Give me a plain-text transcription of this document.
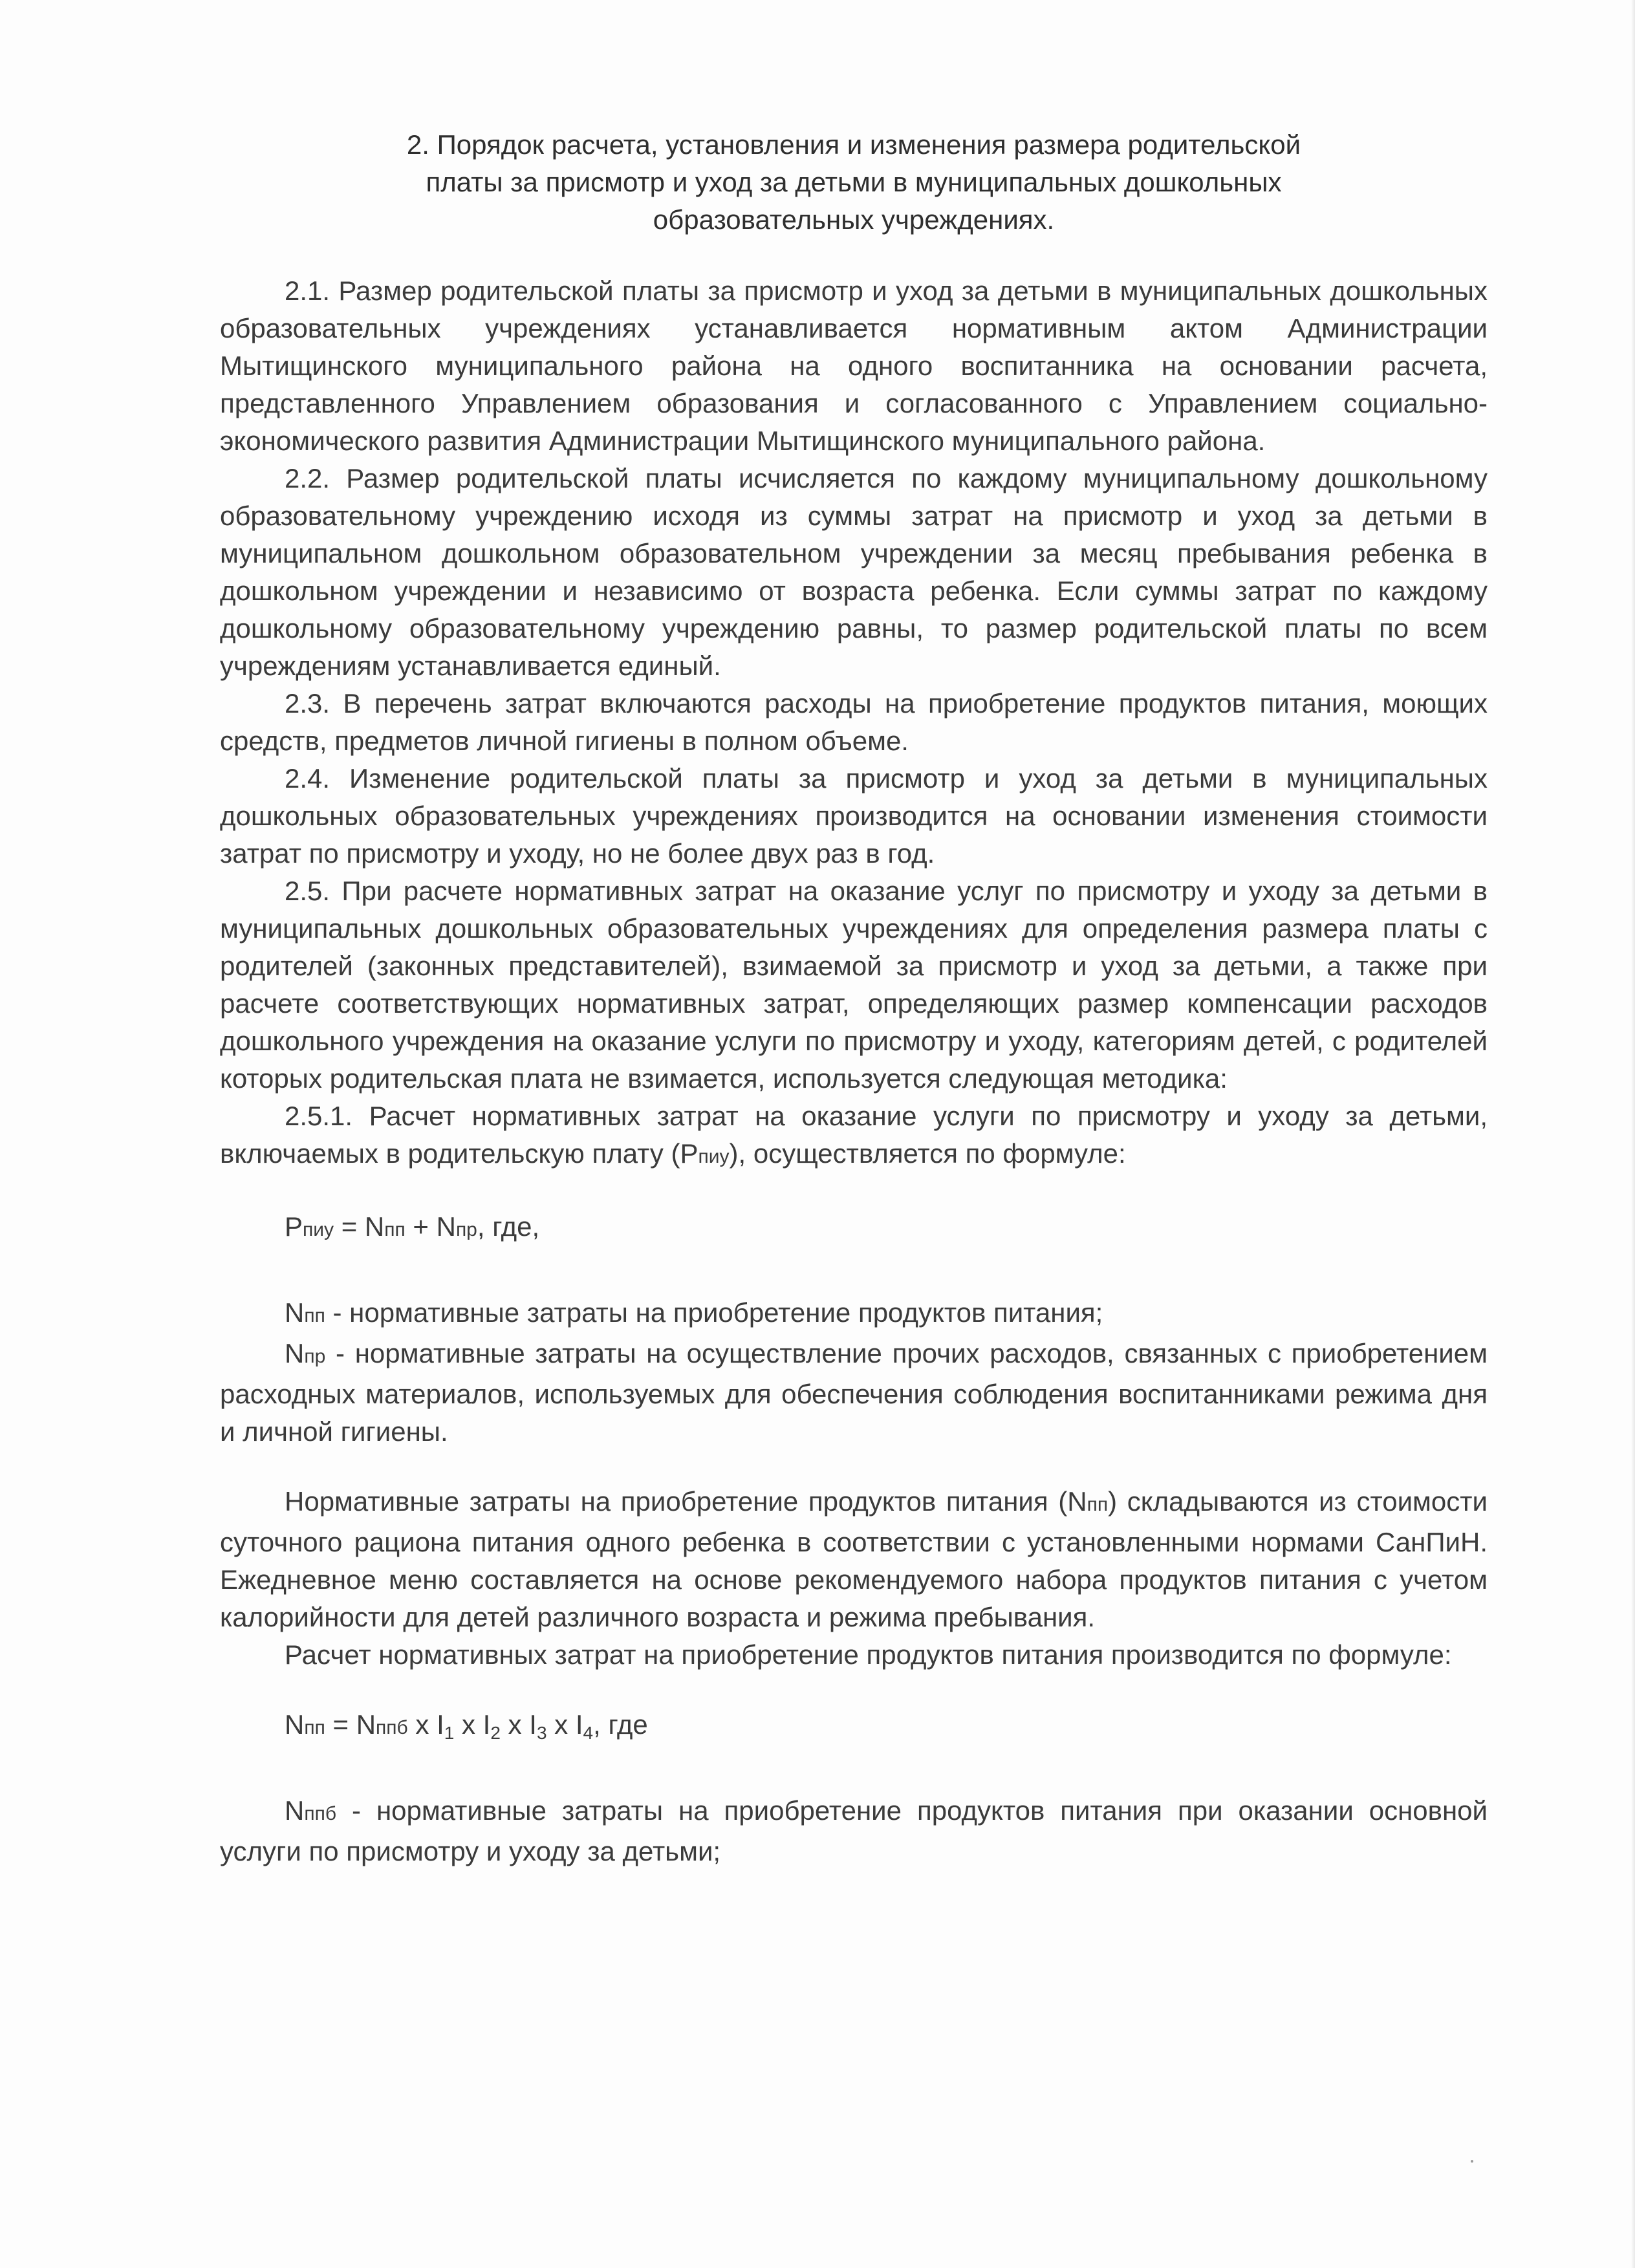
2. Порядок расчета, установления и изменения размера родительской
платы за присмотр и уход за детьми в муниципальных дошкольных
образовательных учреждениях.

2.1. Размер родительской платы за присмотр и уход за детьми в муниципальных дошкольных образовательных учреждениях устанавливается нормативным актом Администрации Мытищинского муниципального района на одного воспитанника на основании расчета, представленного Управлением образования и согласованного с Управлением социально-экономического развития Администрации Мытищинского муниципального района.

2.2. Размер родительской платы исчисляется по каждому муниципальному дошкольному образовательному учреждению исходя из суммы затрат на присмотр и уход за детьми в муниципальном дошкольном образовательном учреждении за месяц пребывания ребенка в дошкольном учреждении и независимо от возраста ребенка. Если суммы затрат по каждому дошкольному образовательному учреждению равны, то размер родительской платы по всем учреждениям устанавливается единый.

2.3. В перечень затрат включаются расходы на приобретение продуктов питания, моющих средств, предметов личной гигиены в полном объеме.

2.4. Изменение родительской платы за присмотр и уход за детьми в муниципальных дошкольных образовательных учреждениях производится на основании изменения стоимости затрат по присмотру и уходу, но не более двух раз в год.

2.5. При расчете нормативных затрат на оказание услуг по присмотру и уходу за детьми в муниципальных дошкольных образовательных учреждениях для определения размера платы с родителей (законных представителей), взимаемой за присмотр и уход за детьми, а также при расчете соответствующих нормативных затрат, определяющих размер компенсации расходов дошкольного учреждения на оказание услуги по присмотру и уходу, категориям детей, с родителей которых родительская плата не взимается, используется следующая методика:

2.5.1. Расчет нормативных затрат на оказание услуги по присмотру и уходу за детьми, включаемых в родительскую плату (Рпиу), осуществляется по формуле:

Рпиу = Nпп + Nпр, где,
Nпп - нормативные затраты на приобретение продуктов питания;
Nпр - нормативные затраты на осуществление прочих расходов, связанных с приобретением расходных материалов, используемых для обеспечения соблюдения воспитанниками режима дня и личной гигиены.

Нормативные затраты на приобретение продуктов питания (Nпп) складываются из стоимости суточного рациона питания одного ребенка в соответствии с установленными нормами СанПиН. Ежедневное меню составляется на основе рекомендуемого набора продуктов питания с учетом калорийности для детей различного возраста и режима пребывания.

Расчет нормативных затрат на приобретение продуктов питания производится по формуле:

Nпп = Nппб x I1 x I2 x I3 x I4, где
Nппб - нормативные затраты на приобретение продуктов питания при оказании основной услуги по присмотру и уходу за детьми;
